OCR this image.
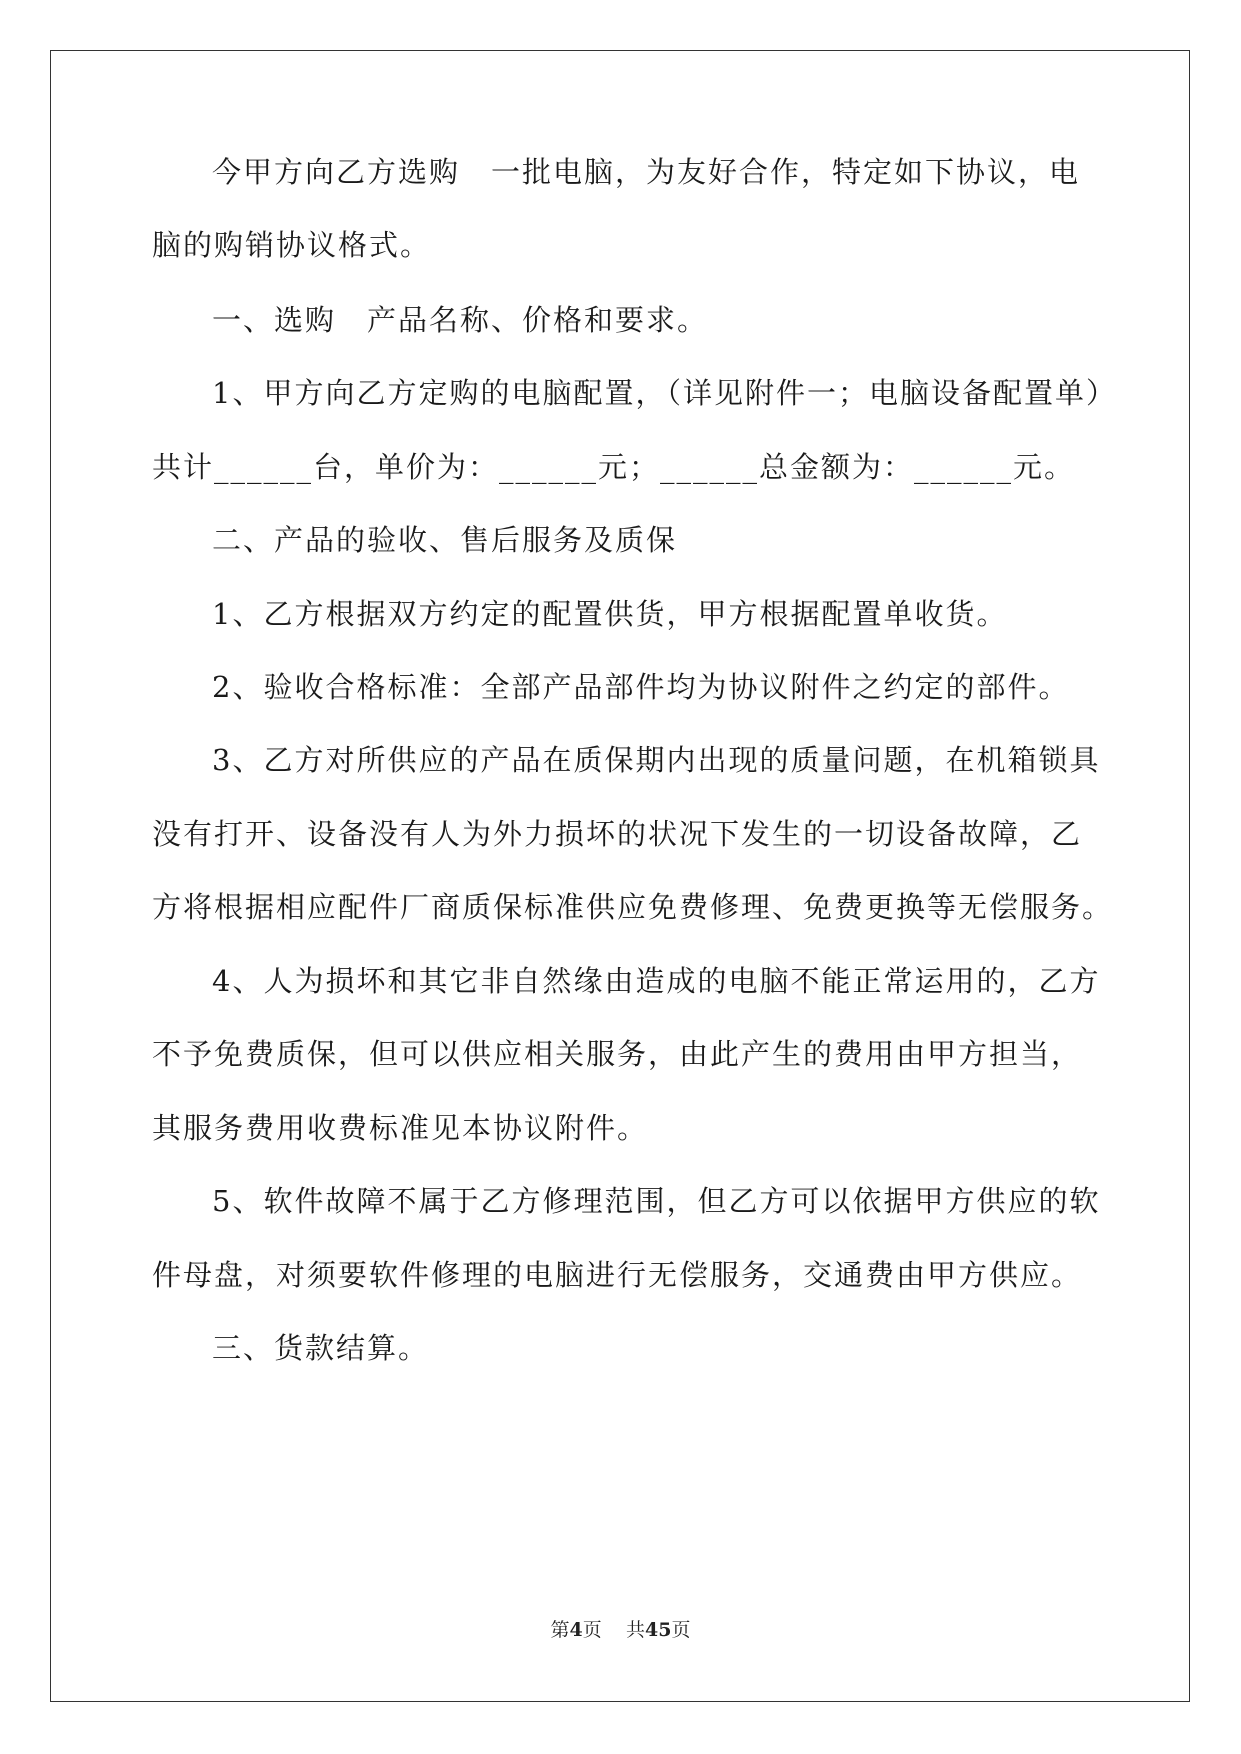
今甲方向乙方选购　一批电脑，为友好合作，特定如下协议，电
脑的购销协议格式。
一、选购　产品名称、价格和要求。
1、甲方向乙方定购的电脑配置，（详见附件一；电脑设备配置单）
共计______台，单价为：______元；______总金额为：______元。
二、产品的验收、售后服务及质保
1、乙方根据双方约定的配置供货，甲方根据配置单收货。
2、验收合格标准：全部产品部件均为协议附件之约定的部件。
3、乙方对所供应的产品在质保期内出现的质量问题，在机箱锁具
没有打开、设备没有人为外力损坏的状况下发生的一切设备故障，乙
方将根据相应配件厂商质保标准供应免费修理、免费更换等无偿服务。
4、人为损坏和其它非自然缘由造成的电脑不能正常运用的，乙方
不予免费质保，但可以供应相关服务，由此产生的费用由甲方担当，
其服务费用收费标准见本协议附件。
5、软件故障不属于乙方修理范围，但乙方可以依据甲方供应的软
件母盘，对须要软件修理的电脑进行无偿服务，交通费由甲方供应。
三、货款结算。
第4页 共45页
